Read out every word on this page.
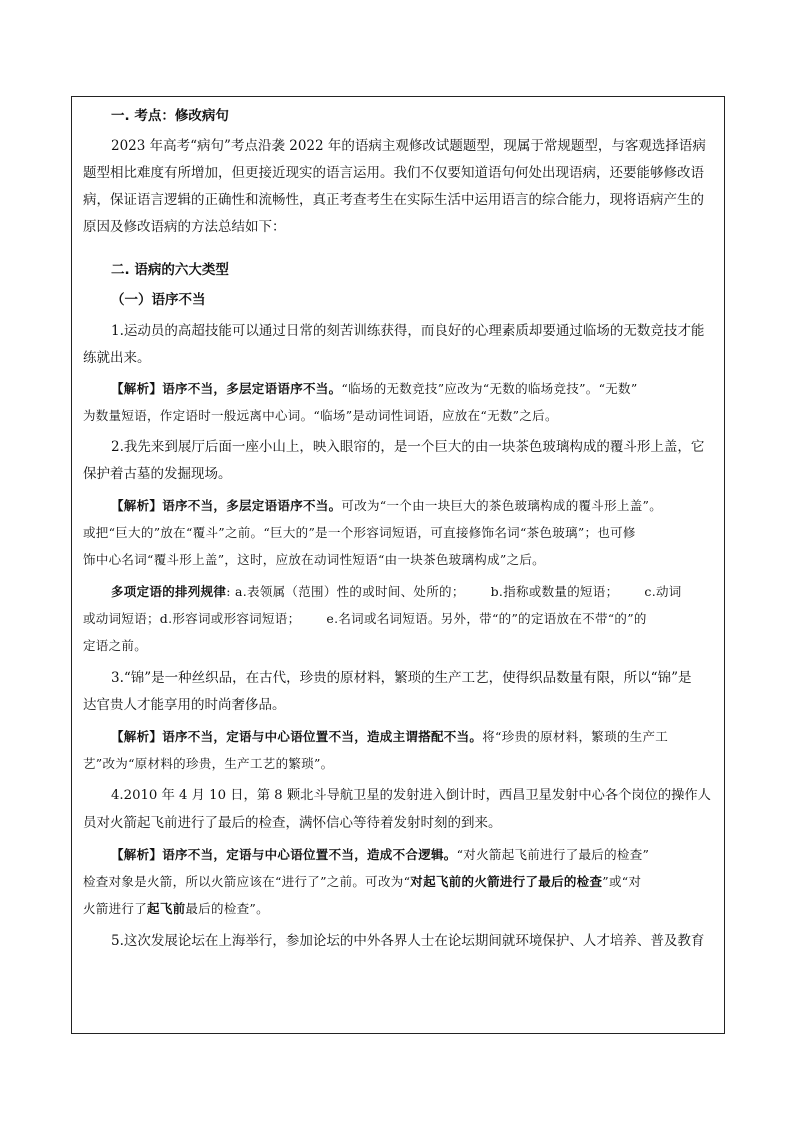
一. 考点：修改病句
2023 年高考“病句”考点沿袭 2022 年的语病主观修改试题题型，现属于常规题型，与客观选择语病
题型相比难度有所增加，但更接近现实的语言运用。我们不仅要知道语句何处出现语病，还要能够修改语
病，保证语言逻辑的正确性和流畅性，真正考查考生在实际生活中运用语言的综合能力，现将语病产生的
原因及修改语病的方法总结如下：
二. 语病的六大类型
（一）语序不当
1.运动员的高超技能可以通过日常的刻苦训练获得，而良好的心理素质却要通过临场的无数竞技才能
练就出来。
【解析】语序不当，多层定语语序不当。“临场的无数竞技”应改为“无数的临场竞技”。“无数”
为数量短语，作定语时一般远离中心词。“临场”是动词性词语，应放在“无数”之后。
2.我先来到展厅后面一座小山上，映入眼帘的，是一个巨大的由一块茶色玻璃构成的覆斗形上盖，它
保护着古墓的发掘现场。
【解析】语序不当，多层定语语序不当。可改为“一个由一块巨大的茶色玻璃构成的覆斗形上盖”。
或把“巨大的”放在“覆斗”之前。“巨大的”是一个形容词短语，可直接修饰名词“茶色玻璃”；也可修
饰中心名词“覆斗形上盖”，这时，应放在动词性短语“由一块茶色玻璃构成”之后。
多项定语的排列规律: a.表领属（范围）性的或时间、处所的； b.指称或数量的短语； c.动词
或动词短语；d.形容词或形容词短语； e.名词或名词短语。另外，带“的”的定语放在不带“的”的
定语之前。
3.“锦”是一种丝织品，在古代，珍贵的原材料，繁琐的生产工艺，使得织品数量有限，所以“锦”是
达官贵人才能享用的时尚奢侈品。
【解析】语序不当，定语与中心语位置不当，造成主谓搭配不当。将“珍贵的原材料，繁琐的生产工
艺”改为“原材料的珍贵，生产工艺的繁琐”。
4.2010 年 4 月 10 日，第 8 颗北斗导航卫星的发射进入倒计时，西昌卫星发射中心各个岗位的操作人
员对火箭起飞前进行了最后的检查，满怀信心等待着发射时刻的到来。
【解析】语序不当，定语与中心语位置不当，造成不合逻辑。“对火箭起飞前进行了最后的检查”
检查对象是火箭，所以火箭应该在“进行了”之前。可改为“对起飞前的火箭进行了最后的检查”或“对
火箭进行了起飞前最后的检查”。
5.这次发展论坛在上海举行，参加论坛的中外各界人士在论坛期间就环境保护、人才培养、普及教育
